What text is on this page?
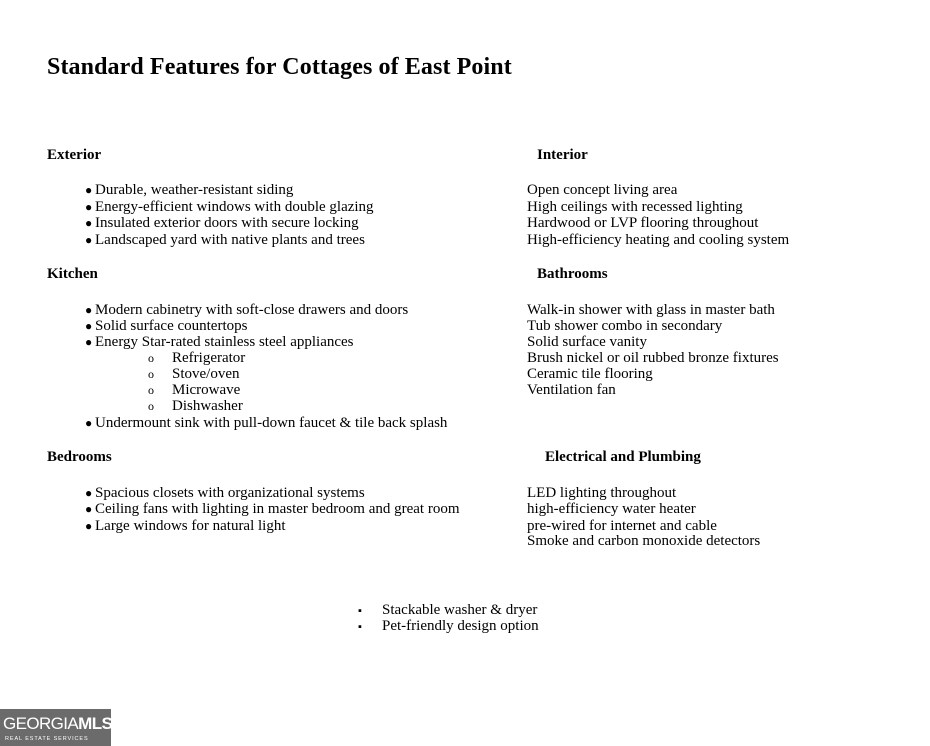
Standard Features for Cottages of East Point
Exterior
● Durable, weather-resistant siding
● Energy-efficient windows with double glazing
● Insulated exterior doors with secure locking
● Landscaped yard with native plants and trees
Interior
Open concept living area
High ceilings with recessed lighting
Hardwood or LVP flooring throughout
High-efficiency heating and cooling system
Kitchen
● Modern cabinetry with soft-close drawers and doors
● Solid surface countertops
● Energy Star-rated stainless steel appliances
o Refrigerator
o Stove/oven
o Microwave
o Dishwasher
● Undermount sink with pull-down faucet & tile back splash
Bathrooms
Walk-in shower with glass in master bath
Tub shower combo in secondary
Solid surface vanity
Brush nickel or oil rubbed bronze fixtures
Ceramic tile flooring
Ventilation fan
Bedrooms
● Spacious closets with organizational systems
● Ceiling fans with lighting in master bedroom and great room
● Large windows for natural light
Electrical and Plumbing
LED lighting throughout
high-efficiency water heater
pre-wired for internet and cable
Smoke and carbon monoxide detectors
▪ Stackable washer & dryer
▪ Pet-friendly design option
GEORGIAMLS
REAL ESTATE SERVICES
